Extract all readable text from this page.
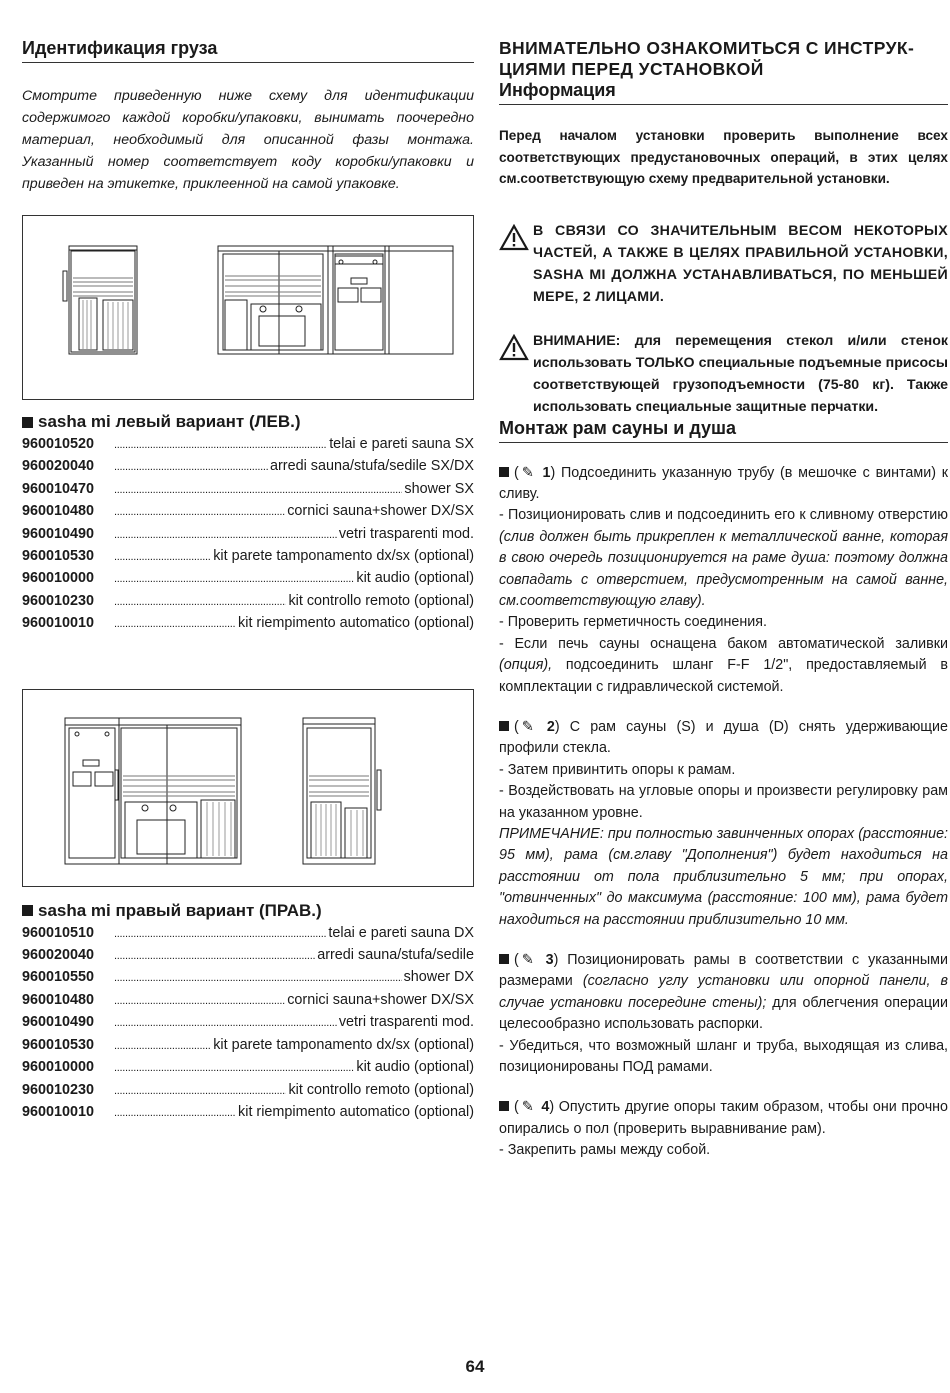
Идентификация груза

Смотрите приведенную ниже схему для идентификации содержимого каждой коробки/упаковки, вынимать поочередно материал, необходимый для описанной фазы монтажа. Указанный номер соответствует коду коробки/упаковки и приведен на этикетке, приклеенной на самой упаковке.

sasha mi левый вариант (ЛЕВ.)
960010520 .....	telai e pareti sauna SX
960020040 .....	arredi sauna/stufa/sedile SX/DX
960010470 .....	shower SX
960010480 .....	cornici sauna+shower DX/SX
960010490 .....	vetri trasparenti mod.
960010530 .....	kit parete tamponamento dx/sx (optional)
960010000 .....	kit audio (optional)
960010230 .....	kit controllo remoto (optional)
960010010 .....	kit riempimento automatico (optional)
sasha mi правый вариант (ПРАВ.)
960010510 .....	telai e pareti sauna DX
960020040 .....	arredi sauna/stufa/sedile
960010550 .....	shower DX
960010480 .....	cornici sauna+shower DX/SX
960010490 .....	vetri trasparenti mod.
960010530 .....	kit parete tamponamento dx/sx (optional)
960010000 .....	kit audio (optional)
960010230 .....	kit controllo remoto (optional)
960010010 .....	kit riempimento automatico (optional)
ВНИМАТЕЛЬНО ОЗНАКОМИТЬСЯ С ИНСТРУК-ЦИЯМИ ПЕРЕД УСТАНОВКОЙ
Информация

Перед началом установки проверить выполнение всех соответствующих предустановочных операций, в этих целях см.соответствующую схему предварительной установки.

В СВЯЗИ СО ЗНАЧИТЕЛЬНЫМ ВЕСОМ НЕКОТОРЫХ ЧАСТЕЙ, А ТАКЖЕ В ЦЕЛЯХ ПРАВИЛЬНОЙ УСТАНОВКИ, SASHA MI ДОЛЖНА УСТАНАВЛИВАТЬСЯ, ПО МЕНЬШЕЙ МЕРЕ, 2 ЛИЦАМИ.
ВНИМАНИЕ: для перемещения стекол и/или стенок использовать ТОЛЬКО специальные подъемные присосы соответствующей грузоподъемности (75-80 кг). Также использовать специальные защитные перчатки.
Монтаж рам сауны и душа

( ✎ 1) Подсоединить указанную трубу (в мешочке с винтами) к сливу.

- Позиционировать слив и подсоединить его к сливному отверстию (слив должен быть прикреплен к металлической ванне, которая в свою очередь позиционируется на раме душа: поэтому должна совпадать с отверстием, предусмотренным на самой ванне, см.соответствующую главу).

- Проверить герметичность соединения.

- Если печь сауны оснащена баком автоматической заливки (опция), подсоединить шланг F-F 1/2", предоставляемый в комплектации с гидравлической системой.

( ✎ 2) С рам сауны (S) и душа (D) снять удерживающие профили стекла.

- Затем привинтить опоры к рамам.

- Воздействовать на угловые опоры и произвести регулировку рам на указанном уровне.

ПРИМЕЧАНИЕ: при полностью завинченных опорах (расстояние: 95 мм), рама (см.главу "Дополнения") будет находиться на расстоянии от пола приблизительно 5 мм; при опорах, "отвинченных" до максимума (расстояние: 100 мм), рама будет находиться на расстоянии приблизительно 10 мм.

( ✎ 3) Позиционировать рамы в соответствии с указанными размерами (согласно углу установки или опорной панели, в случае установки посередине стены); для облегчения операции целесообразно использовать распорки.

- Убедиться, что возможный шланг и труба, выходящая из слива, позиционированы ПОД рамами.

( ✎ 4) Опустить другие опоры таким образом, чтобы они прочно опирались о пол (проверить выравнивание рам).

- Закрепить рамы между собой.

64
